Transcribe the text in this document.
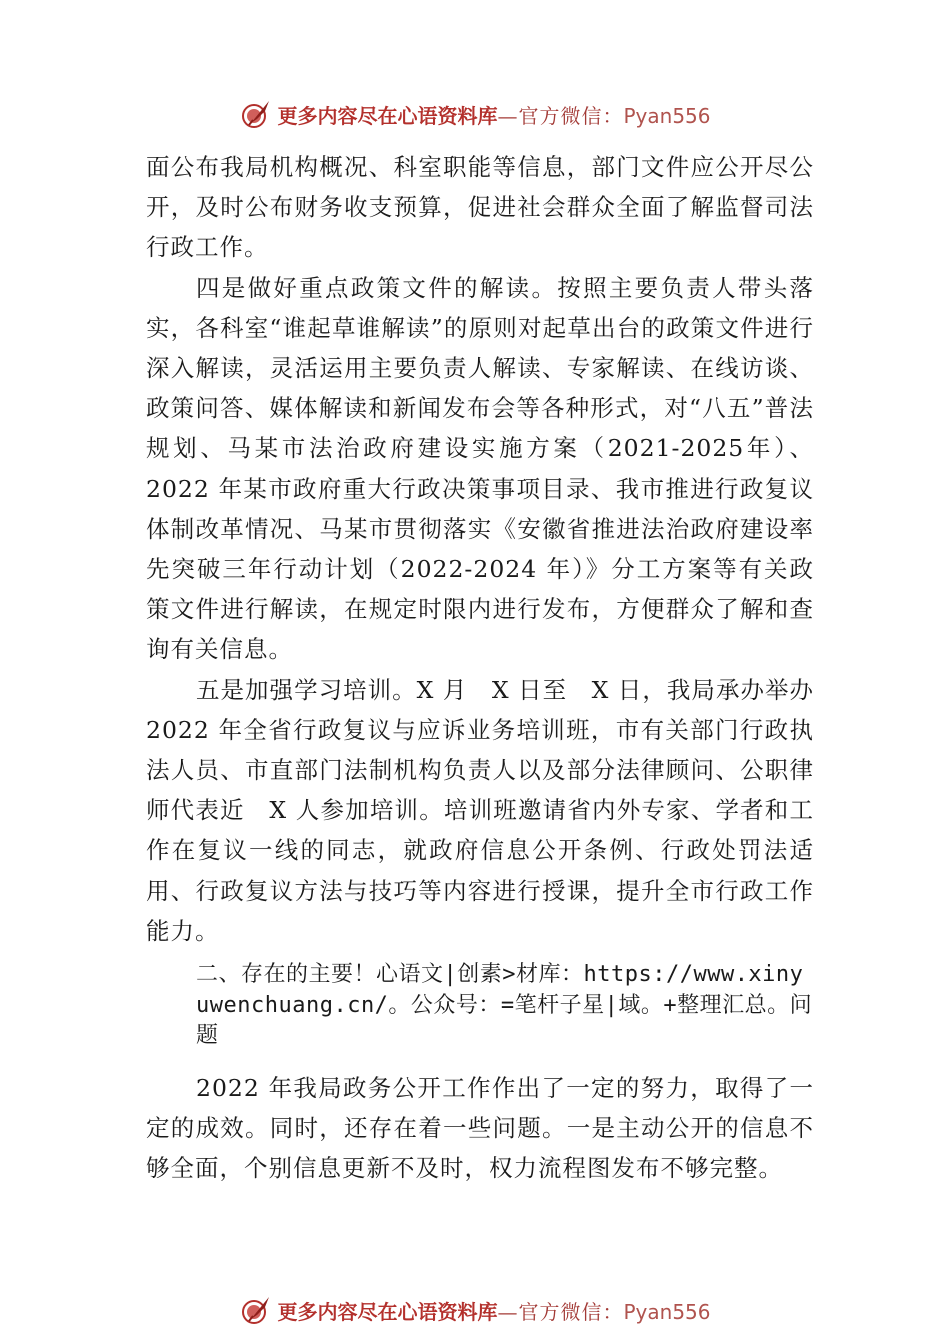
更多内容尽在心语资料库—官方微信：Pyan556

面公布我局机构概况、科室职能等信息，部门文件应公开尽公开，及时公布财务收支预算，促进社会群众全面了解监督司法行政工作。

四是做好重点政策文件的解读。按照主要负责人带头落实，各科室“谁起草谁解读”的原则对起草出台的政策文件进行深入解读，灵活运用主要负责人解读、专家解读、在线访谈、政策问答、媒体解读和新闻发布会等各种形式，对“八五”普法规划、马某市法治政府建设实施方案（2021-2025年）、2022 年某市政府重大行政决策事项目录、我市推进行政复议体制改革情况、马某市贯彻落实《安徽省推进法治政府建设率先突破三年行动计划（2022-2024 年）》分工方案等有关政策文件进行解读，在规定时限内进行发布，方便群众了解和查询有关信息。

五是加强学习培训。X 月　X 日至　X 日，我局承办举办2022 年全省行政复议与应诉业务培训班，市有关部门行政执法人员、市直部门法制机构负责人以及部分法律顾问、公职律师代表近　X 人参加培训。培训班邀请省内外专家、学者和工作在复议一线的同志，就政府信息公开条例、行政处罚法适用、行政复议方法与技巧等内容进行授课，提升全市行政工作能力。

二、存在的主要！心语文|创素>材库：https://www.xinyuwenchuang.cn/。公众号：=笔杆子星|域。+整理汇总。问题

2022 年我局政务公开工作作出了一定的努力，取得了一定的成效。同时，还存在着一些问题。一是主动公开的信息不够全面，个别信息更新不及时，权力流程图发布不够完整。

更多内容尽在心语资料库—官方微信：Pyan556
